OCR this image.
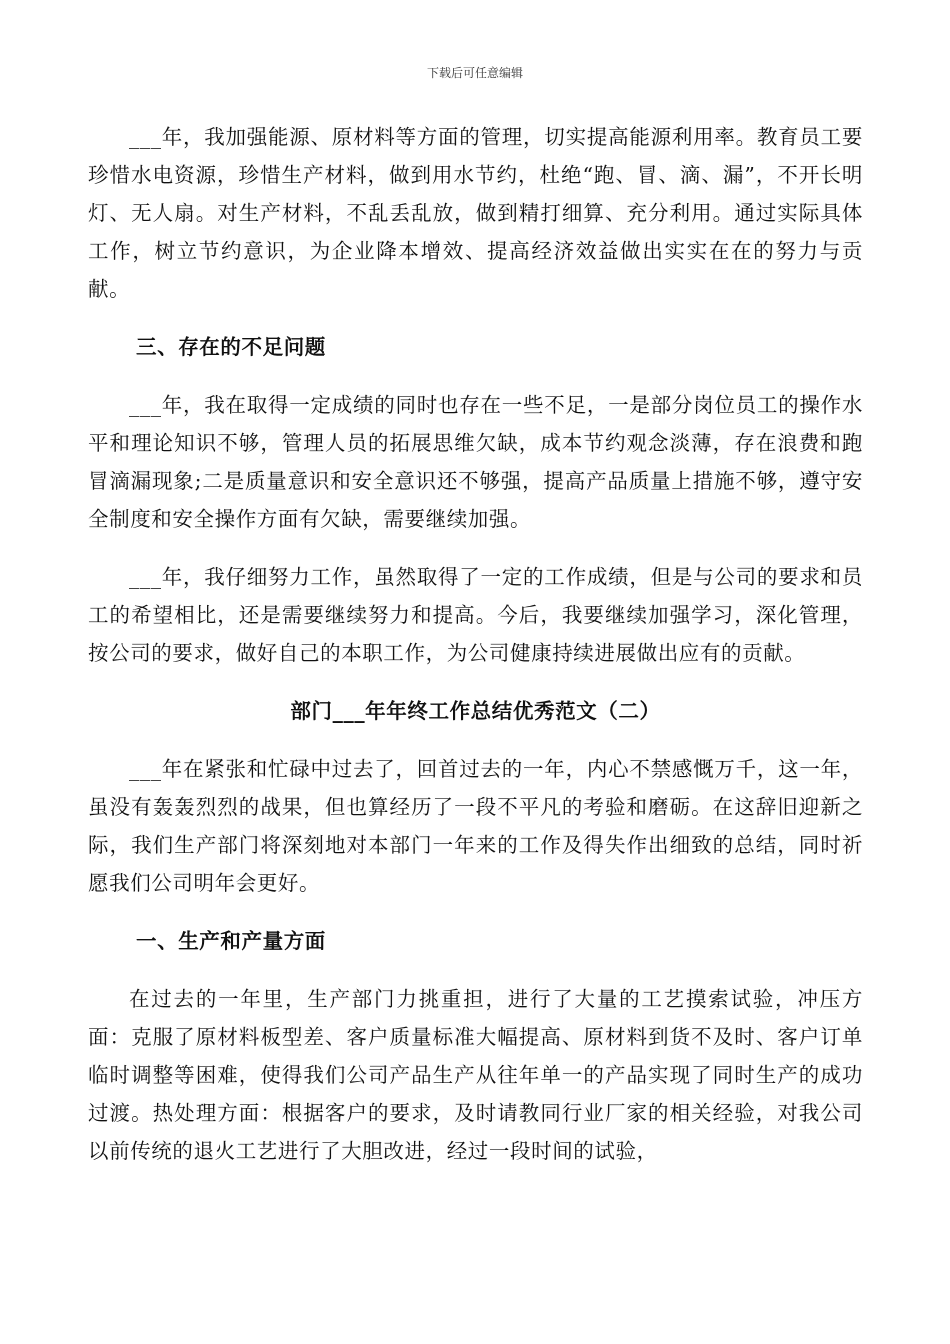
下载后可任意编辑

___年，我加强能源、原材料等方面的管理，切实提高能源利用率。教育员工要珍惜水电资源，珍惜生产材料，做到用水节约，杜绝“跑、冒、滴、漏”，不开长明灯、无人扇。对生产材料，不乱丢乱放，做到精打细算、充分利用。通过实际具体工作，树立节约意识，为企业降本增效、提高经济效益做出实实在在的努力与贡献。

三、存在的不足问题

___年，我在取得一定成绩的同时也存在一些不足，一是部分岗位员工的操作水平和理论知识不够，管理人员的拓展思维欠缺，成本节约观念淡薄，存在浪费和跑冒滴漏现象;二是质量意识和安全意识还不够强，提高产品质量上措施不够，遵守安全制度和安全操作方面有欠缺，需要继续加强。

___年，我仔细努力工作，虽然取得了一定的工作成绩，但是与公司的要求和员工的希望相比，还是需要继续努力和提高。今后，我要继续加强学习，深化管理，按公司的要求，做好自己的本职工作，为公司健康持续进展做出应有的贡献。

部门___年年终工作总结优秀范文（二）

___年在紧张和忙碌中过去了，回首过去的一年，内心不禁感慨万千，这一年，虽没有轰轰烈烈的战果，但也算经历了一段不平凡的考验和磨砺。在这辞旧迎新之际，我们生产部门将深刻地对本部门一年来的工作及得失作出细致的总结，同时祈愿我们公司明年会更好。

一、生产和产量方面

在过去的一年里，生产部门力挑重担，进行了大量的工艺摸索试验，冲压方面：克服了原材料板型差、客户质量标准大幅提高、原材料到货不及时、客户订单临时调整等困难，使得我们公司产品生产从往年单一的产品实现了同时生产的成功过渡。热处理方面：根据客户的要求，及时请教同行业厂家的相关经验，对我公司以前传统的退火工艺进行了大胆改进，经过一段时间的试验，
